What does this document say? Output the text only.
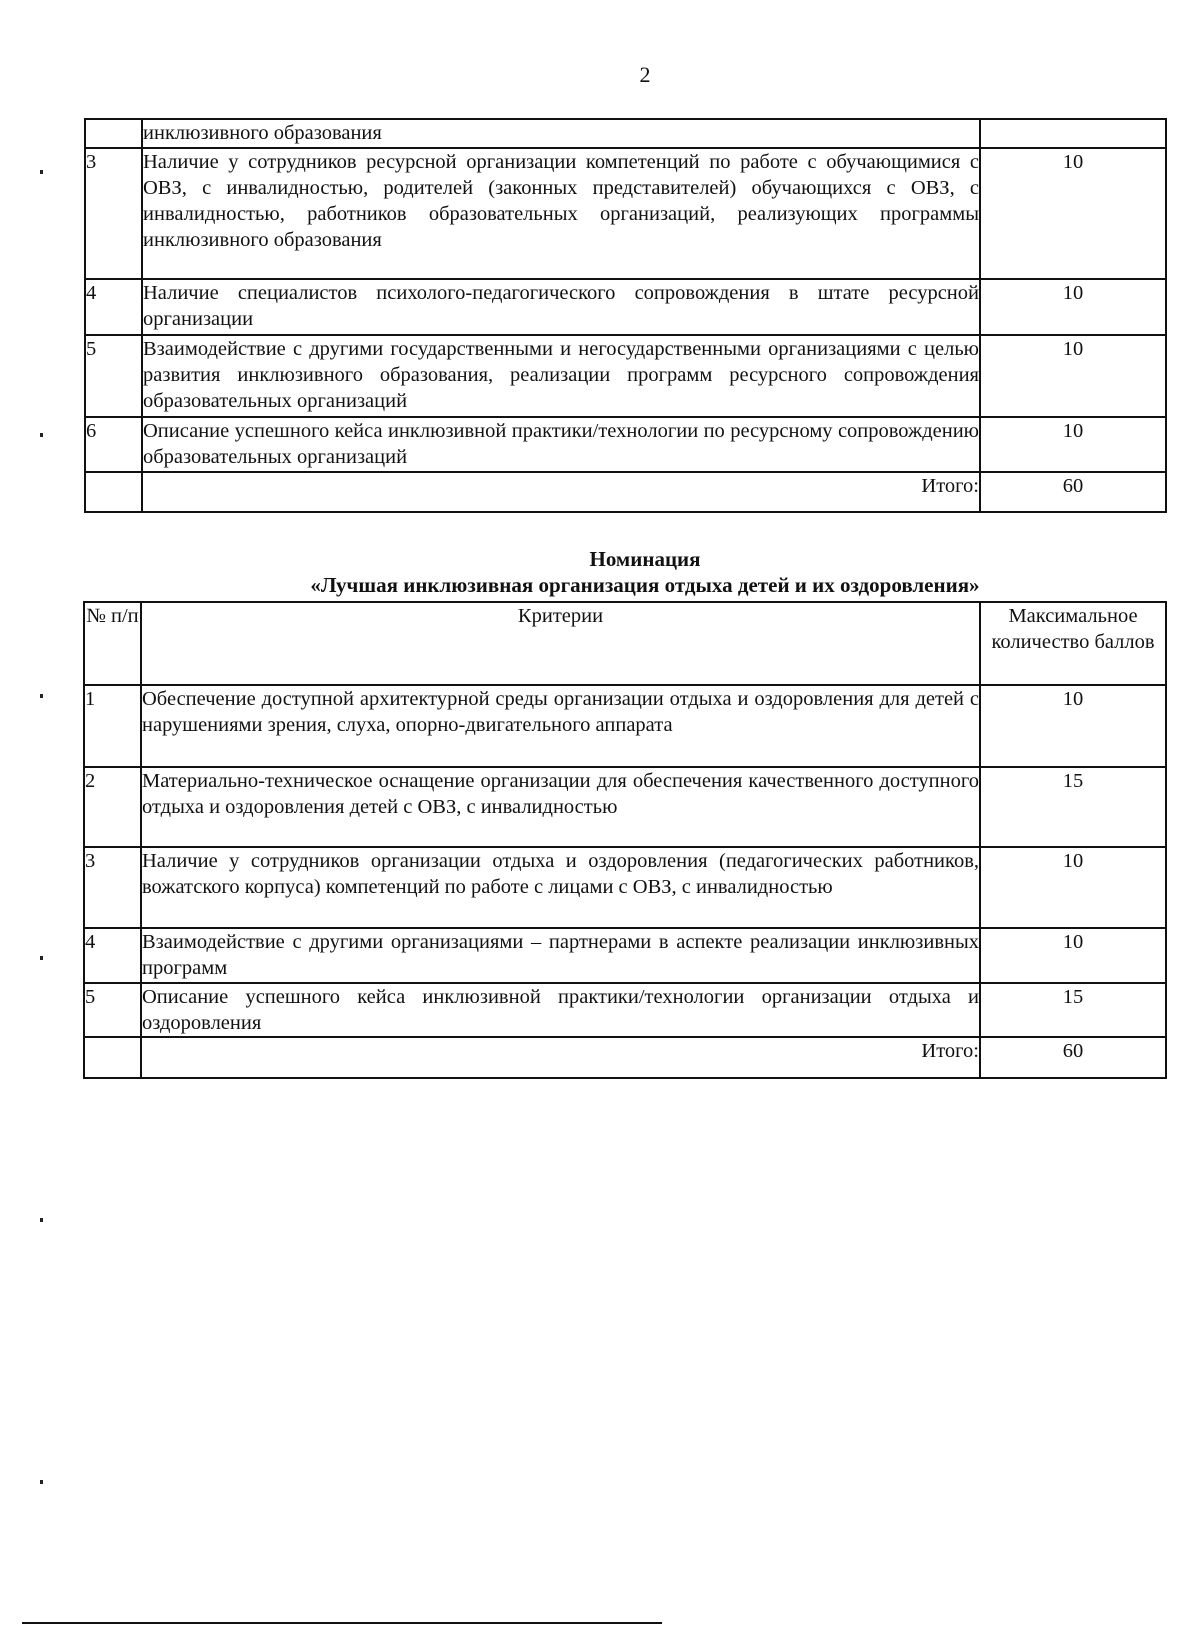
2
	инклюзивного образования	
3	Наличие у сотрудников ресурсной организации компетенций по работе с обучающимися с ОВЗ, с инвалидностью, родителей (законных представителей) обучающихся с ОВЗ, с инвалидностью, работников образовательных организаций, реализующих программы инклюзивного образования	10
4	Наличие специалистов психолого-педагогического сопровождения в штате ресурсной организации	10
5	Взаимодействие с другими государственными и негосударственными организациями с целью развития инклюзивного образования, реализации программ ресурсного сопровождения образовательных организаций	10
6	Описание успешного кейса инклюзивной практики/технологии по ресурсному сопровождению образовательных организаций	10
	Итого:	60
Номинация
«Лучшая инклюзивная организация отдыха детей и их оздоровления»
№ п/п	Критерии	Максимальное количество баллов
1	Обеспечение доступной архитектурной среды организации отдыха и оздоровления для детей с нарушениями зрения, слуха, опорно-двигательного аппарата	10
2	Материально-техническое оснащение организации для обеспечения качественного доступного отдыха и оздоровления детей с ОВЗ, с инвалидностью	15
3	Наличие у сотрудников организации отдыха и оздоровления (педагогических работников, вожатского корпуса) компетенций по работе с лицами с ОВЗ, с инвалидностью	10
4	Взаимодействие с другими организациями – партнерами в аспекте реализации инклюзивных программ	10
5	Описание успешного кейса инклюзивной практики/технологии организации отдыха и оздоровления	15
	Итого:	60
